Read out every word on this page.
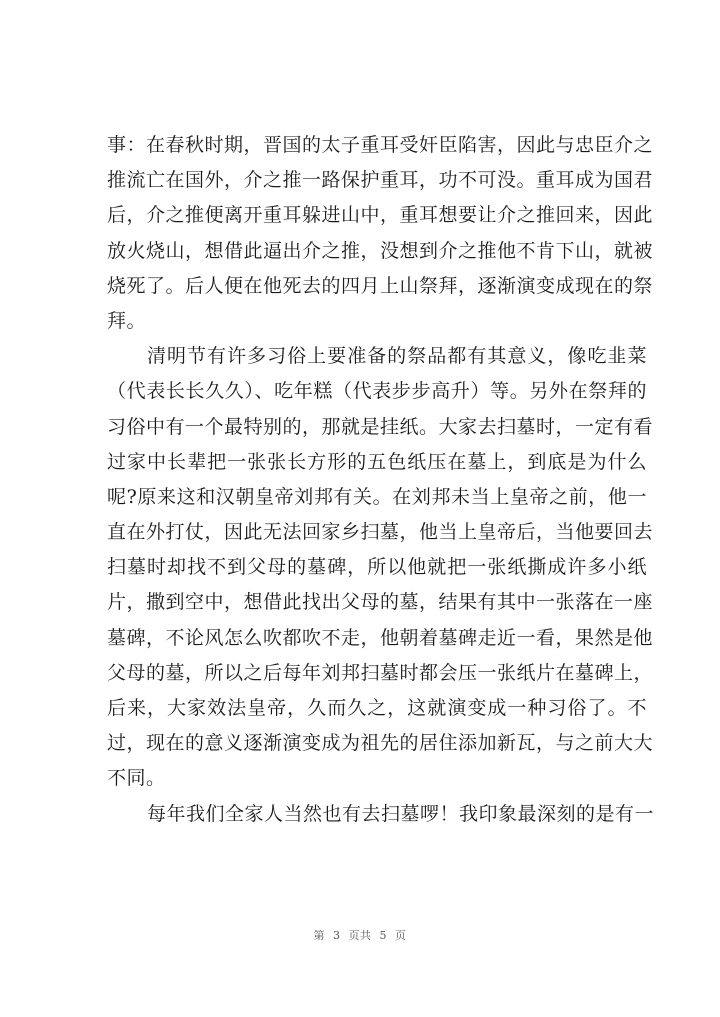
事：在春秋时期，晋国的太子重耳受奸臣陷害，因此与忠臣介之
推流亡在国外，介之推一路保护重耳，功不可没。重耳成为国君
后，介之推便离开重耳躲进山中，重耳想要让介之推回来，因此
放火烧山，想借此逼出介之推，没想到介之推他不肯下山，就被
烧死了。后人便在他死去的四月上山祭拜，逐渐演变成现在的祭
拜。
清明节有许多习俗上要准备的祭品都有其意义，像吃韭菜
（代表长长久久）、吃年糕（代表步步高升）等。另外在祭拜的
习俗中有一个最特别的，那就是挂纸。大家去扫墓时，一定有看
过家中长辈把一张张长方形的五色纸压在墓上，到底是为什么
呢?原来这和汉朝皇帝刘邦有关。在刘邦未当上皇帝之前，他一
直在外打仗，因此无法回家乡扫墓，他当上皇帝后，当他要回去
扫墓时却找不到父母的墓碑，所以他就把一张纸撕成许多小纸
片，撒到空中，想借此找出父母的墓，结果有其中一张落在一座
墓碑，不论风怎么吹都吹不走，他朝着墓碑走近一看，果然是他
父母的墓，所以之后每年刘邦扫墓时都会压一张纸片在墓碑上，
后来，大家效法皇帝，久而久之，这就演变成一种习俗了。不
过，现在的意义逐渐演变成为祖先的居住添加新瓦，与之前大大
不同。
每年我们全家人当然也有去扫墓啰！我印象最深刻的是有一
第 3 页共 5 页
